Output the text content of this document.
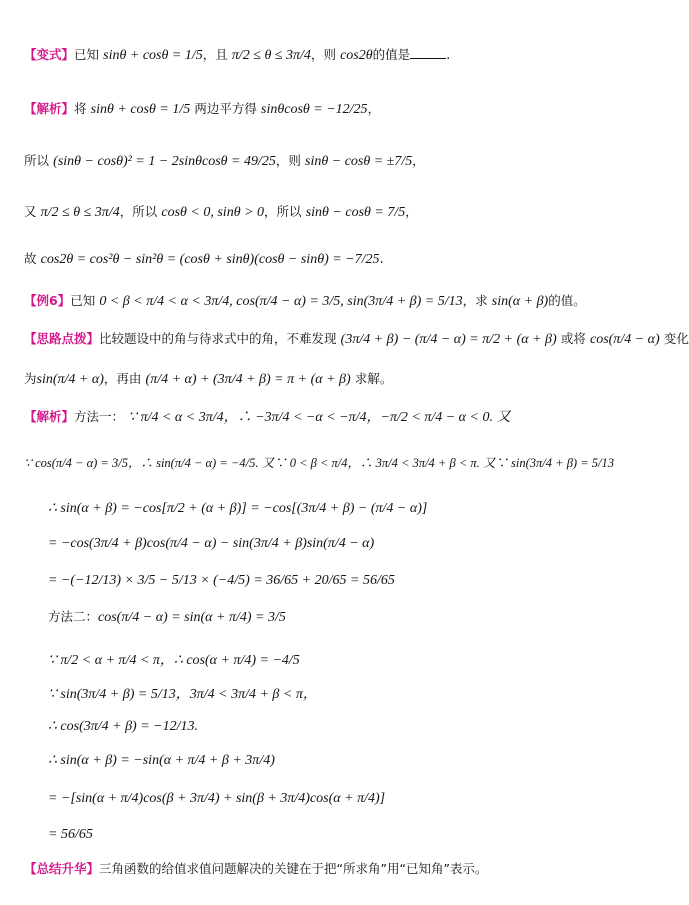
【变式】已知 sinθ + cosθ = 1/5，且 π/2 ≤ θ ≤ 3π/4，则 cos2θ的值是	.
【解析】将 sinθ + cosθ = 1/5 两边平方得 sinθcosθ = −12/25，
所以 (sinθ − cosθ)² = 1 − 2sinθcosθ = 49/25，则 sinθ − cosθ = ±7/5，
又 π/2 ≤ θ ≤ 3π/4，所以 cosθ < 0, sinθ > 0，所以 sinθ − cosθ = 7/5，
故 cos2θ = cos²θ − sin²θ = (cosθ + sinθ)(cosθ − sinθ) = −7/25.
【例6】已知 0 < β < π/4 < α < 3π/4, cos(π/4 − α) = 3/5, sin(3π/4 + β) = 5/13，求 sin(α + β)的值。
【思路点拨】比较题设中的角与待求式中的角，不难发现 (3π/4 + β) − (π/4 − α) = π/2 + (α + β) 或将 cos(π/4 − α) 变化
为sin(π/4 + α)，再由 (π/4 + α) + (3π/4 + β) = π + (α + β) 求解。
【解析】方法一： ∵ π/4 < α < 3π/4，∴ −3π/4 < −α < −π/4，−π/2 < π/4 − α < 0. 又
∵ cos(π/4 − α) = 3/5，∴ sin(π/4 − α) = −4/5. 又∵ 0 < β < π/4，∴ 3π/4 < 3π/4 + β < π. 又∵ sin(3π/4 + β) = 5/13
∴ sin(α + β) = −cos[π/2 + (α + β)] = −cos[(3π/4 + β) − (π/4 − α)]
= −cos(3π/4 + β)cos(π/4 − α) − sin(3π/4 + β)sin(π/4 − α)
= −(−12/13) × 3/5 − 5/13 × (−4/5) = 36/65 + 20/65 = 56/65
方法二：cos(π/4 − α) = sin(α + π/4) = 3/5
∵ π/2 < α + π/4 < π，∴ cos(α + π/4) = −4/5
∵ sin(3π/4 + β) = 5/13，3π/4 < 3π/4 + β < π，
∴ cos(3π/4 + β) = −12/13.
∴ sin(α + β) = −sin(α + π/4 + β + 3π/4)
= −[sin(α + π/4)cos(β + 3π/4) + sin(β + 3π/4)cos(α + π/4)]
= 56/65
【总结升华】三角函数的给值求值问题解决的关键在于把“所求角”用“已知角”表示。
